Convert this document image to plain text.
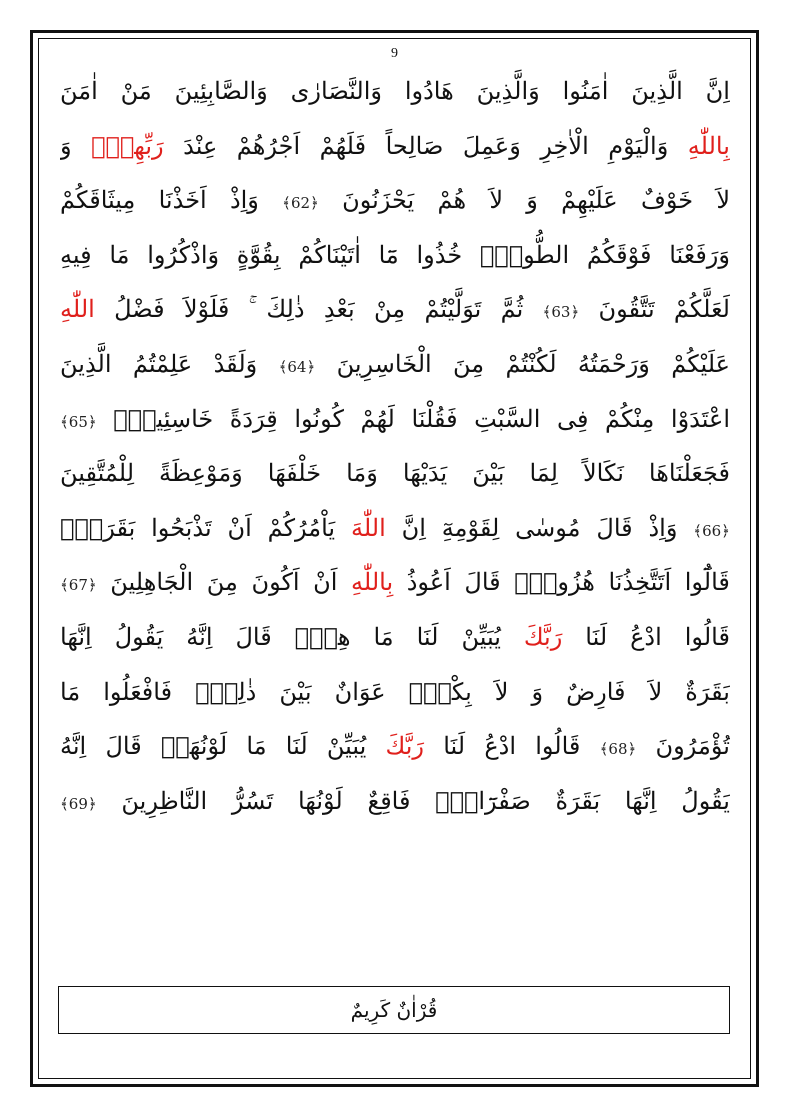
9
اِنَّ الَّذِينَ اٰمَنُوا وَالَّذِينَ هَادُوا وَالنَّصَارٰى وَالصَّابِئِينَ مَنْ اٰمَنَ
بِاللّٰهِ وَالْيَوْمِ الْاٰخِرِ وَعَمِلَ صَالِحاً فَلَهُمْ اَجْرُهُمْ عِنْدَ رَبِّهِمْۚ وَ
لاَ خَوْفٌ عَلَيْهِمْ وَ لاَ هُمْ يَحْزَنُونَ ﴿62﴾ وَاِذْ اَخَذْنَا مِيثَاقَكُمْ
وَرَفَعْنَا فَوْقَكُمُ الطُّورَۜ خُذُوا مَٓا اٰتَيْنَاكُمْ بِقُوَّةٍ وَاذْكُرُوا مَا فِيهِ
لَعَلَّكُمْ تَتَّقُونَ ﴿63﴾ ثُمَّ تَوَلَّيْتُمْ مِنْ بَعْدِ ذٰلِكَ ۚ فَلَوْلاَ فَضْلُ اللّٰهِ
عَلَيْكُمْ وَرَحْمَتُهُ لَكُنْتُمْ مِنَ الْخَاسِرِينَ ﴿64﴾ وَلَقَدْ عَلِمْتُمُ الَّذِينَ
اعْتَدَوْا مِنْكُمْ فِى السَّبْتِ فَقُلْنَا لَهُمْ كُونُوا قِرَدَةً خَاسِئِينَۚ ﴿65﴾
فَجَعَلْنَاهَا نَكَالاً لِمَا بَيْنَ يَدَيْهَا وَمَا خَلْفَهَا وَمَوْعِظَةً لِلْمُتَّقِينَ
﴿66﴾ وَاِذْ قَالَ مُوسٰى لِقَوْمِهِٓ اِنَّ اللّٰهَ يَاْمُرُكُمْ اَنْ تَذْبَحُوا بَقَرَةًۜ
قَالُٓوا اَتَتَّخِذُنَا هُزُواًۜ قَالَ اَعُوذُ بِاللّٰهِ اَنْ اَكُونَ مِنَ الْجَاهِلِينَ ﴿67﴾
قَالُوا ادْعُ لَنَا رَبَّكَ يُبَيِّنْ لَنَا مَا هِيَۜ قَالَ اِنَّهُ يَقُولُ اِنَّهَا
بَقَرَةٌ لاَ فَارِضٌ وَ لاَ بِكْرٌۜ عَوَانٌ بَيْنَ ذٰلِكَۜ فَافْعَلُوا مَا
تُؤْمَرُونَ ﴿68﴾ قَالُوا ادْعُ لَنَا رَبَّكَ يُبَيِّنْ لَنَا مَا لَوْنُهَاۜ قَالَ اِنَّهُ
يَقُولُ اِنَّهَا بَقَرَةٌ صَفْرَٓاءُۙ فَاقِعٌ لَوْنُهَا تَسُرُّ النَّاظِرِينَ ﴿69﴾
قُرْاٰنٌ كَرِيمٌ
